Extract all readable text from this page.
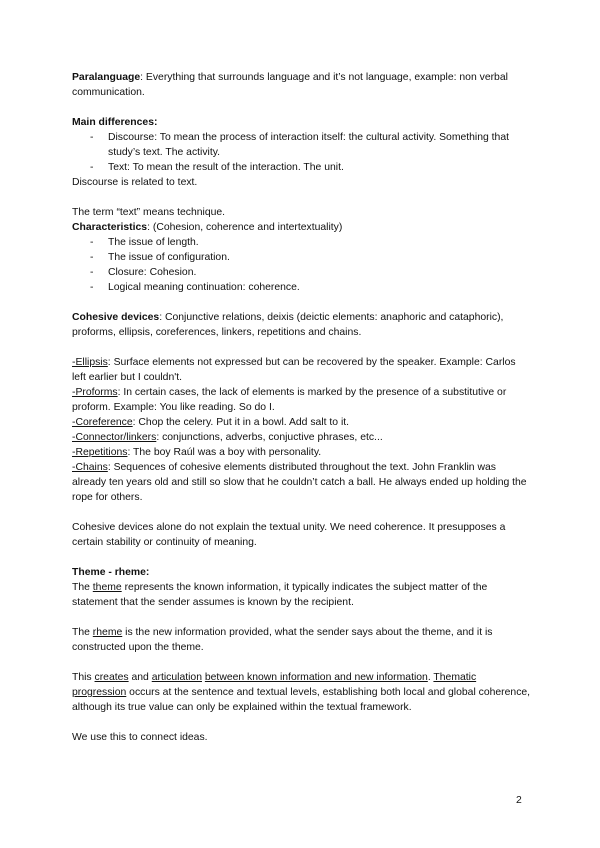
Paralanguage: Everything that surrounds language and it’s not language, example: non verbal communication.

Main differences:

- Discourse: To mean the process of interaction itself: the cultural activity. Something that study’s text. The activity.
- Text: To mean the result of the interaction. The unit.

Discourse is related to text.

The term “text” means technique.

Characteristics: (Cohesion, coherence and intertextuality)

- The issue of length.
- The issue of configuration.
- Closure: Cohesion.
- Logical meaning continuation: coherence.

Cohesive devices: Conjunctive relations, deixis (deictic elements: anaphoric and cataphoric), proforms, ellipsis, coreferences, linkers, repetitions and chains.

-Ellipsis: Surface elements not expressed but can be recovered by the speaker. Example: Carlos left earlier but I couldn't.

-Proforms: In certain cases, the lack of elements is marked by the presence of a substitutive or proform. Example: You like reading. So do I.

-Coreference: Chop the celery. Put it in a bowl. Add salt to it.

-Connector/linkers: conjunctions, adverbs, conjuctive phrases, etc...

-Repetitions: The boy Raúl was a boy with personality.

-Chains: Sequences of cohesive elements distributed throughout the text. John Franklin was already ten years old and still so slow that he couldn’t catch a ball. He always ended up holding the rope for others.

Cohesive devices alone do not explain the textual unity. We need coherence. It presupposes a certain stability or continuity of meaning.

Theme - rheme:

The theme represents the known information, it typically indicates the subject matter of the statement that the sender assumes is known by the recipient.

The rheme is the new information provided, what the sender says about the theme, and it is constructed upon the theme.

This creates and articulation between known information and new information. Thematic progression occurs at the sentence and textual levels, establishing both local and global coherence, although its true value can only be explained within the textual framework.

We use this to connect ideas.

2
